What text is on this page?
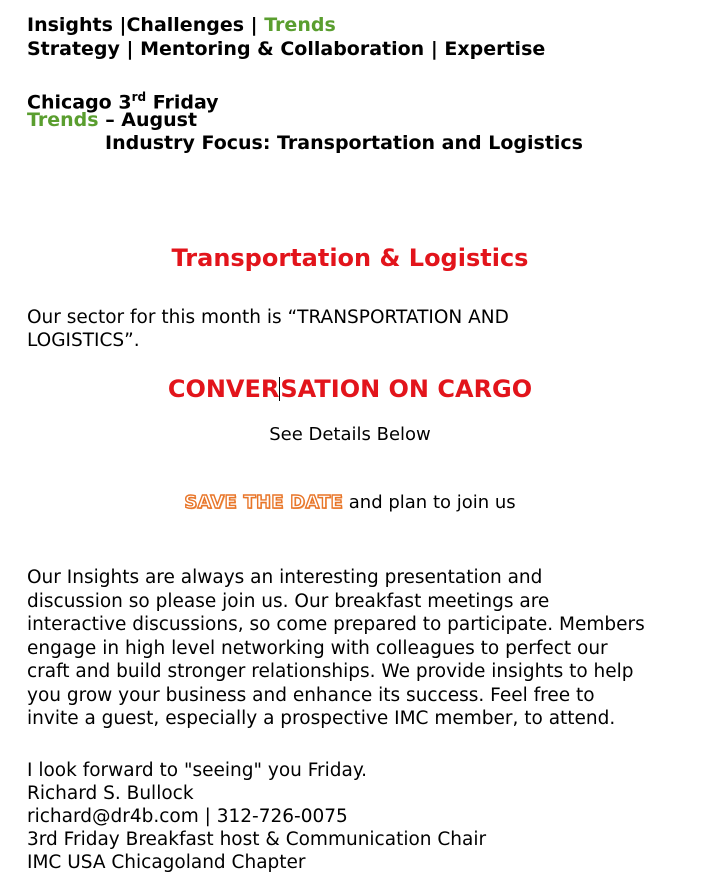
Insights |Challenges | Trends
Strategy | Mentoring & Collaboration | Expertise
Chicago 3rd Friday
Trends – August
Industry Focus: Transportation and Logistics
Transportation & Logistics
Our sector for this month is “TRANSPORTATION AND
LOGISTICS”.
CONVERSATION ON CARGO
See Details Below
SAVE THE DATE and plan to join us
Our Insights are always an interesting presentation and
discussion so please join us. Our breakfast meetings are
interactive discussions, so come prepared to participate. Members
engage in high level networking with colleagues to perfect our
craft and build stronger relationships. We provide insights to help
you grow your business and enhance its success. Feel free to
invite a guest, especially a prospective IMC member, to attend.
I look forward to "seeing" you Friday.
Richard S. Bullock
richard@dr4b.com | 312-726-0075
3rd Friday Breakfast host & Communication Chair
IMC USA Chicagoland Chapter
